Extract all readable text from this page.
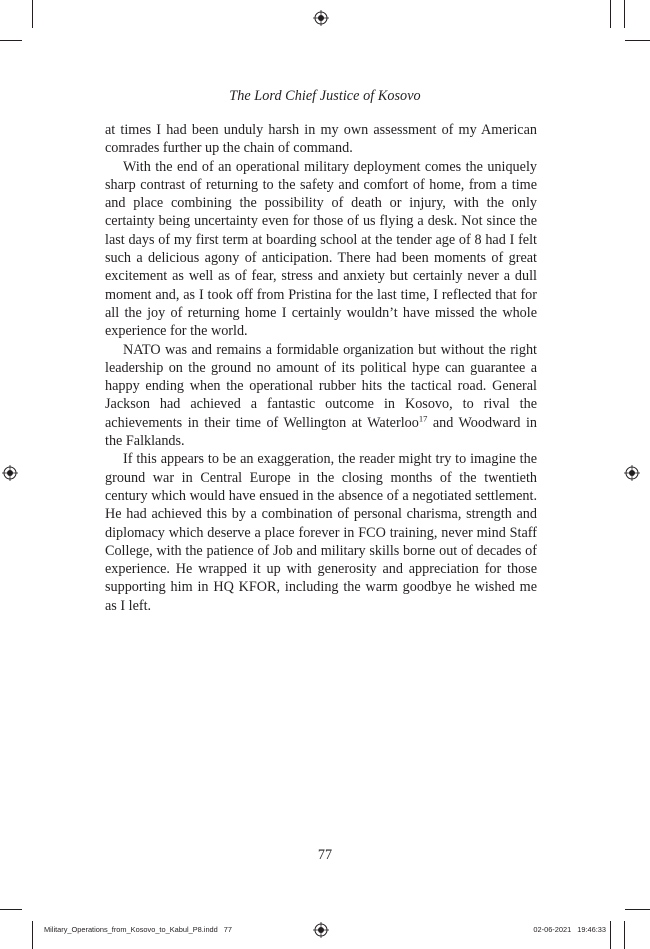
The Lord Chief Justice of Kosovo

at times I had been unduly harsh in my own assessment of my American comrades further up the chain of command.

With the end of an operational military deployment comes the uniquely sharp contrast of returning to the safety and comfort of home, from a time and place combining the possibility of death or injury, with the only certainty being uncertainty even for those of us flying a desk. Not since the last days of my first term at boarding school at the tender age of 8 had I felt such a delicious agony of anticipation. There had been moments of great excitement as well as of fear, stress and anxiety but certainly never a dull moment and, as I took off from Pristina for the last time, I reflected that for all the joy of returning home I certainly wouldn’t have missed the whole experience for the world.

NATO was and remains a formidable organization but without the right leadership on the ground no amount of its political hype can guarantee a happy ending when the operational rubber hits the tactical road. General Jackson had achieved a fantastic outcome in Kosovo, to rival the achievements in their time of Wellington at Waterloo$^{17}$ and Woodward in the Falklands.

If this appears to be an exaggeration, the reader might try to imagine the ground war in Central Europe in the closing months of the twentieth century which would have ensued in the absence of a negotiated settlement. He had achieved this by a combination of personal charisma, strength and diplomacy which deserve a place forever in FCO training, never mind Staff College, with the patience of Job and military skills borne out of decades of experience. He wrapped it up with generosity and appreciation for those supporting him in HQ KFOR, including the warm goodbye he wished me as I left.

77
Military_Operations_from_Kosovo_to_Kabul_P8.indd 77	02-06-2021 19:46:33
